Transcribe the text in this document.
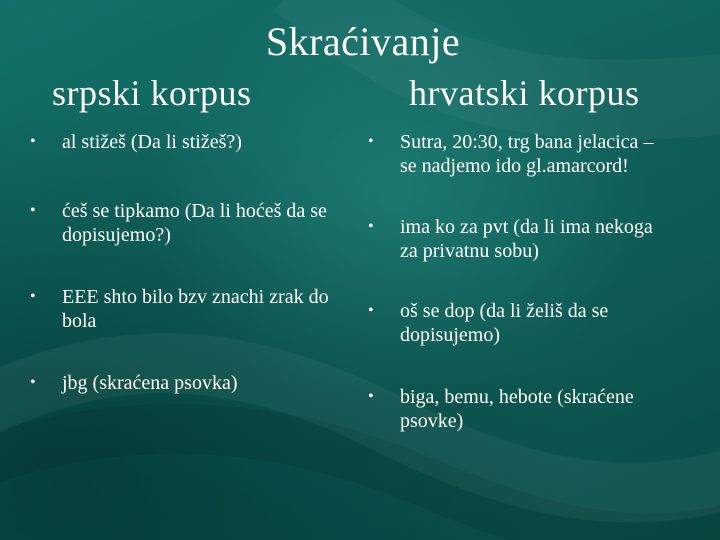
Skraćivanje
srpski korpus	hrvatski korpus
• al stižeš (Da li stižeš?)
• ćeš se tipkamo (Da li hoćeš da se dopisujemo?)
• EEE shto bilo bzv znachi zrak do bola
• jbg (skraćena psovka)
• Sutra, 20:30, trg bana jelacica – se nadjemo ido gl.amarcord!
• ima ko za pvt (da li ima nekoga za privatnu sobu)
• oš se dop (da li želiš da se dopisujemo)
• biga, bemu, hebote (skraćene psovke)
